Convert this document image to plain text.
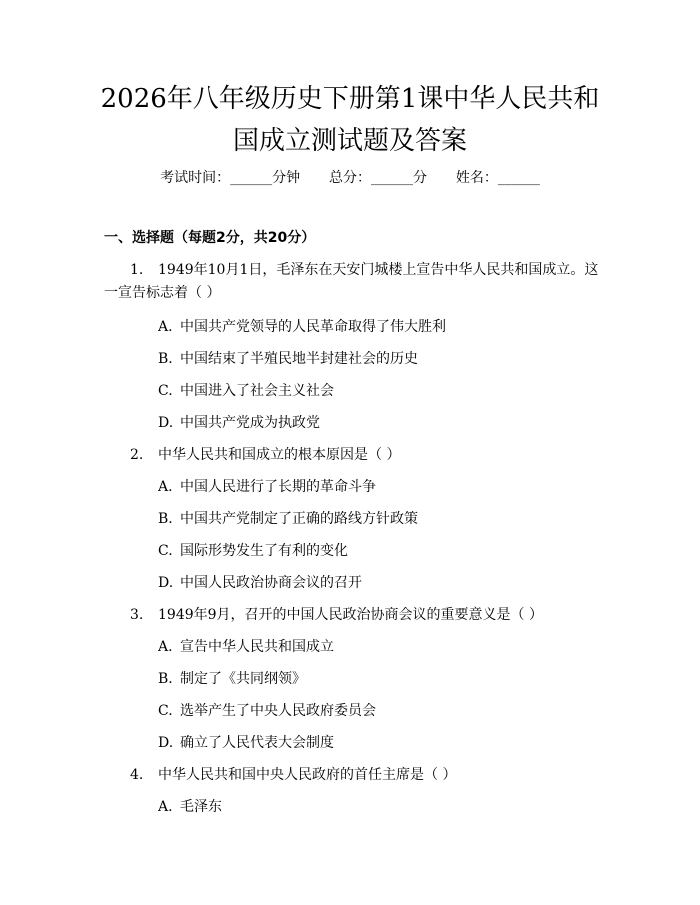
2026年八年级历史下册第1课中华人民共和
国成立测试题及答案
考试时间：______分钟 总分：______分 姓名：______
一、选择题（每题2分，共20分）
1. 1949年10月1日，毛泽东在天安门城楼上宣告中华人民共和国成立。这
一宣告标志着（ ）
A. 中国共产党领导的人民革命取得了伟大胜利
B. 中国结束了半殖民地半封建社会的历史
C. 中国进入了社会主义社会
D. 中国共产党成为执政党
2. 中华人民共和国成立的根本原因是（ ）
A. 中国人民进行了长期的革命斗争
B. 中国共产党制定了正确的路线方针政策
C. 国际形势发生了有利的变化
D. 中国人民政治协商会议的召开
3. 1949年9月，召开的中国人民政治协商会议的重要意义是（ ）
A. 宣告中华人民共和国成立
B. 制定了《共同纲领》
C. 选举产生了中央人民政府委员会
D. 确立了人民代表大会制度
4. 中华人民共和国中央人民政府的首任主席是（ ）
A. 毛泽东
